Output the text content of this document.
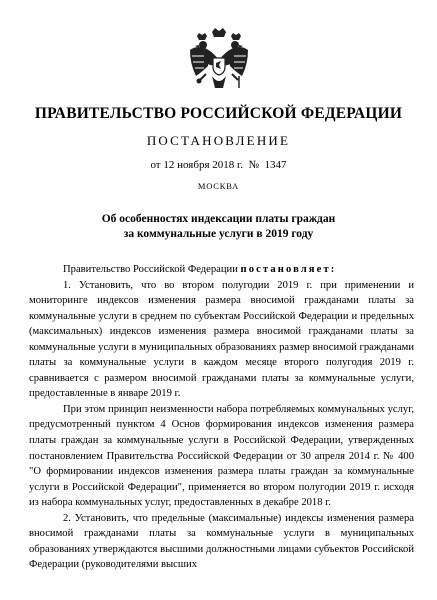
ПРАВИТЕЛЬСТВО РОССИЙСКОЙ ФЕДЕРАЦИИ
ПОСТАНОВЛЕНИЕ
от 12 ноября 2018 г.  №  1347
МОСКВА
Об особенностях индексации платы граждан
за коммунальные услуги в 2019 году

Правительство Российской Федерации постановляет:

1. Установить, что во втором полугодии 2019 г. при применении и мониторинге индексов изменения размера вносимой гражданами платы за коммунальные услуги в среднем по субъектам Российской Федерации и предельных (максимальных) индексов изменения размера вносимой гражданами платы за коммунальные услуги в муниципальных образованиях размер вносимой гражданами платы за коммунальные услуги в каждом месяце второго полугодия 2019 г. сравнивается с размером вносимой гражданами платы за коммунальные услуги, предоставленные в январе 2019 г.

При этом принцип неизменности набора потребляемых коммунальных услуг, предусмотренный пунктом 4 Основ формирования индексов изменения размера платы граждан за коммунальные услуги в Российской Федерации, утвержденных постановлением Правительства Российской Федерации от 30 апреля 2014 г. № 400 "О формировании индексов изменения размера платы граждан за коммунальные услуги в Российской Федерации", применяется во втором полугодии 2019 г. исходя из набора коммунальных услуг, предоставленных в декабре 2018 г.

2. Установить, что предельные (максимальные) индексы изменения размера вносимой гражданами платы за коммунальные услуги в муниципальных образованиях утверждаются высшими должностными лицами субъектов Российской Федерации (руководителями высших
